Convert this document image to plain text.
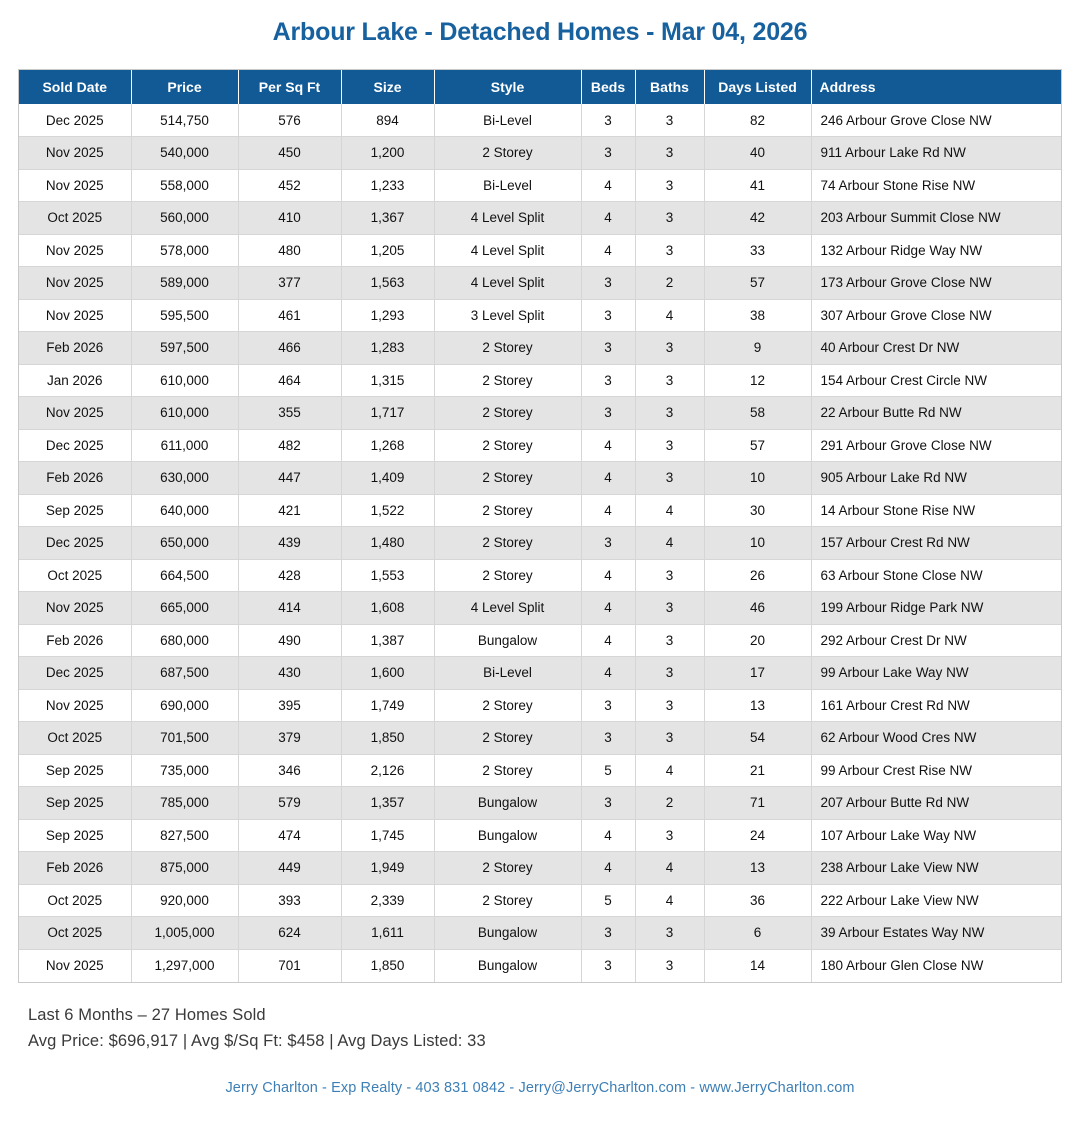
Arbour Lake - Detached Homes - Mar 04, 2026
Sold Date	Price	Per Sq Ft	Size	Style	Beds	Baths	Days Listed	Address
Dec 2025	514,750	576	894	Bi-Level	3	3	82	246 Arbour Grove Close NW
Nov 2025	540,000	450	1,200	2 Storey	3	3	40	911 Arbour Lake Rd NW
Nov 2025	558,000	452	1,233	Bi-Level	4	3	41	74 Arbour Stone Rise NW
Oct 2025	560,000	410	1,367	4 Level Split	4	3	42	203 Arbour Summit Close NW
Nov 2025	578,000	480	1,205	4 Level Split	4	3	33	132 Arbour Ridge Way NW
Nov 2025	589,000	377	1,563	4 Level Split	3	2	57	173 Arbour Grove Close NW
Nov 2025	595,500	461	1,293	3 Level Split	3	4	38	307 Arbour Grove Close NW
Feb 2026	597,500	466	1,283	2 Storey	3	3	9	40 Arbour Crest Dr NW
Jan 2026	610,000	464	1,315	2 Storey	3	3	12	154 Arbour Crest Circle NW
Nov 2025	610,000	355	1,717	2 Storey	3	3	58	22 Arbour Butte Rd NW
Dec 2025	611,000	482	1,268	2 Storey	4	3	57	291 Arbour Grove Close NW
Feb 2026	630,000	447	1,409	2 Storey	4	3	10	905 Arbour Lake Rd NW
Sep 2025	640,000	421	1,522	2 Storey	4	4	30	14 Arbour Stone Rise NW
Dec 2025	650,000	439	1,480	2 Storey	3	4	10	157 Arbour Crest Rd NW
Oct 2025	664,500	428	1,553	2 Storey	4	3	26	63 Arbour Stone Close NW
Nov 2025	665,000	414	1,608	4 Level Split	4	3	46	199 Arbour Ridge Park NW
Feb 2026	680,000	490	1,387	Bungalow	4	3	20	292 Arbour Crest Dr NW
Dec 2025	687,500	430	1,600	Bi-Level	4	3	17	99 Arbour Lake Way NW
Nov 2025	690,000	395	1,749	2 Storey	3	3	13	161 Arbour Crest Rd NW
Oct 2025	701,500	379	1,850	2 Storey	3	3	54	62 Arbour Wood Cres NW
Sep 2025	735,000	346	2,126	2 Storey	5	4	21	99 Arbour Crest Rise NW
Sep 2025	785,000	579	1,357	Bungalow	3	2	71	207 Arbour Butte Rd NW
Sep 2025	827,500	474	1,745	Bungalow	4	3	24	107 Arbour Lake Way NW
Feb 2026	875,000	449	1,949	2 Storey	4	4	13	238 Arbour Lake View NW
Oct 2025	920,000	393	2,339	2 Storey	5	4	36	222 Arbour Lake View NW
Oct 2025	1,005,000	624	1,611	Bungalow	3	3	6	39 Arbour Estates Way NW
Nov 2025	1,297,000	701	1,850	Bungalow	3	3	14	180 Arbour Glen Close NW
Last 6 Months – 27 Homes Sold
Avg Price: $696,917 | Avg $/Sq Ft: $458 | Avg Days Listed: 33
Jerry Charlton - Exp Realty - 403 831 0842 - Jerry@JerryCharlton.com - www.JerryCharlton.com
